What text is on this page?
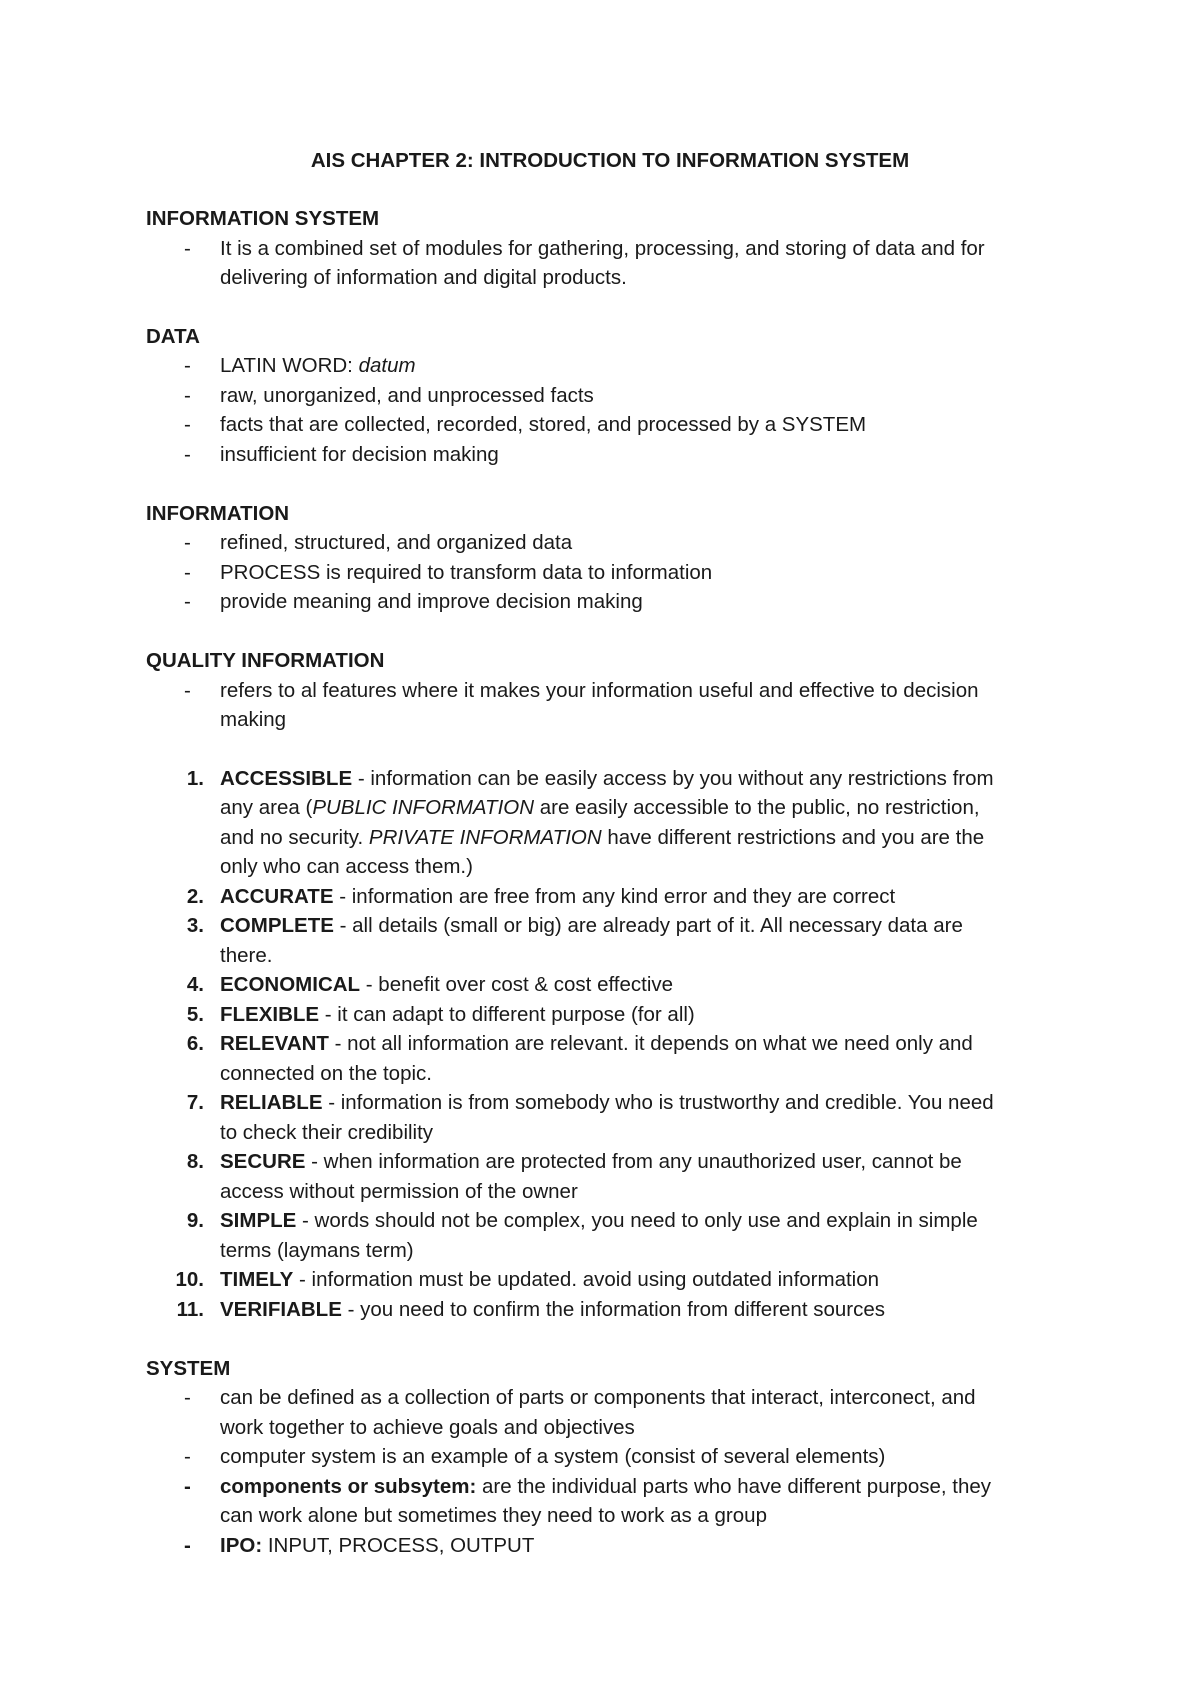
AIS CHAPTER 2: INTRODUCTION TO INFORMATION SYSTEM
INFORMATION SYSTEM
- It is a combined set of modules for gathering, processing, and storing of data and for
delivering of information and digital products.
DATA
- LATIN WORD: datum
- raw, unorganized, and unprocessed facts
- facts that are collected, recorded, stored, and processed by a SYSTEM
- insufficient for decision making
INFORMATION
- refined, structured, and organized data
- PROCESS is required to transform data to information
- provide meaning and improve decision making
QUALITY INFORMATION
- refers to al features where it makes your information useful and effective to decision
making
1. ACCESSIBLE - information can be easily access by you without any restrictions from
any area (PUBLIC INFORMATION are easily accessible to the public, no restriction,
and no security. PRIVATE INFORMATION have different restrictions and you are the
only who can access them.)
2. ACCURATE - information are free from any kind error and they are correct
3. COMPLETE - all details (small or big) are already part of it. All necessary data are
there.
4. ECONOMICAL - benefit over cost & cost effective
5. FLEXIBLE - it can adapt to different purpose (for all)
6. RELEVANT - not all information are relevant. it depends on what we need only and
connected on the topic.
7. RELIABLE - information is from somebody who is trustworthy and credible. You need
to check their credibility
8. SECURE - when information are protected from any unauthorized user, cannot be
access without permission of the owner
9. SIMPLE - words should not be complex, you need to only use and explain in simple
terms (laymans term)
10. TIMELY - information must be updated. avoid using outdated information
11. VERIFIABLE - you need to confirm the information from different sources
SYSTEM
- can be defined as a collection of parts or components that interact, interconect, and
work together to achieve goals and objectives
- computer system is an example of a system (consist of several elements)
- components or subsytem: are the individual parts who have different purpose, they
can work alone but sometimes they need to work as a group
- IPO: INPUT, PROCESS, OUTPUT
